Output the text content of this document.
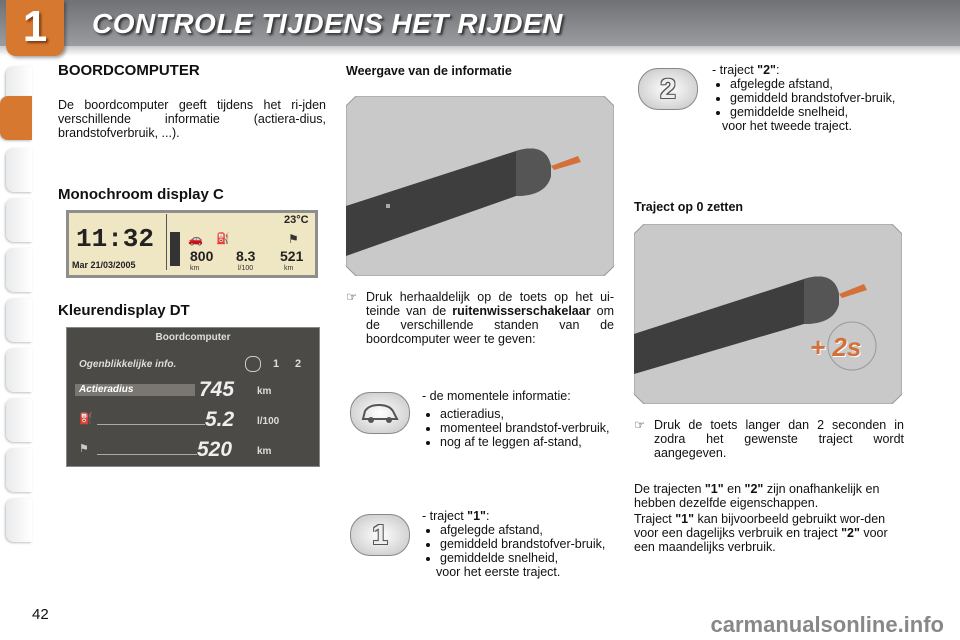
1	CONTROLE TIJDENS HET RIJDEN
BOORDCOMPUTER
De boordcomputer geeft tijdens het ri-jden verschillende informatie (actiera-dius, brandstofverbruik, ...).
Monochroom display C
11:32
Mar 21/03/2005
23°C
🚗 ⛽	⚑
800 8.3 521
km	l/100	km
Kleurendisplay DT
Boordcomputer
Ogenblikkelijke info.	1 2
Actieradius	745 km
⛽	5.2 l/100
⚑	520 km
Weergave van de informatie
☞ Druk herhaaldelijk op de toets op het ui-teinde van de ruitenwisserschakelaar om de verschillende standen van de boordcomputer weer te geven:
- de momentele informatie:
• actieradius,
• momenteel brandstof-verbruik,
• nog af te leggen af-stand,
1
- traject "1":
• afgelegde afstand,
• gemiddeld brandstofver-bruik,
• gemiddelde snelheid,
voor het eerste traject.
2
- traject "2":
• afgelegde afstand,
• gemiddeld brandstofver-bruik,
• gemiddelde snelheid,
voor het tweede traject.
Traject op 0 zetten
+ 2s
☞ Druk de toets langer dan 2 seconden in zodra het gewenste traject wordt aangegeven.
De trajecten "1" en "2" zijn onafhankelijk en hebben dezelfde eigenschappen.
Traject "1" kan bijvoorbeeld gebruikt wor-den voor een dagelijks verbruik en traject "2" voor een maandelijks verbruik.
42	carmanualsonline.info
